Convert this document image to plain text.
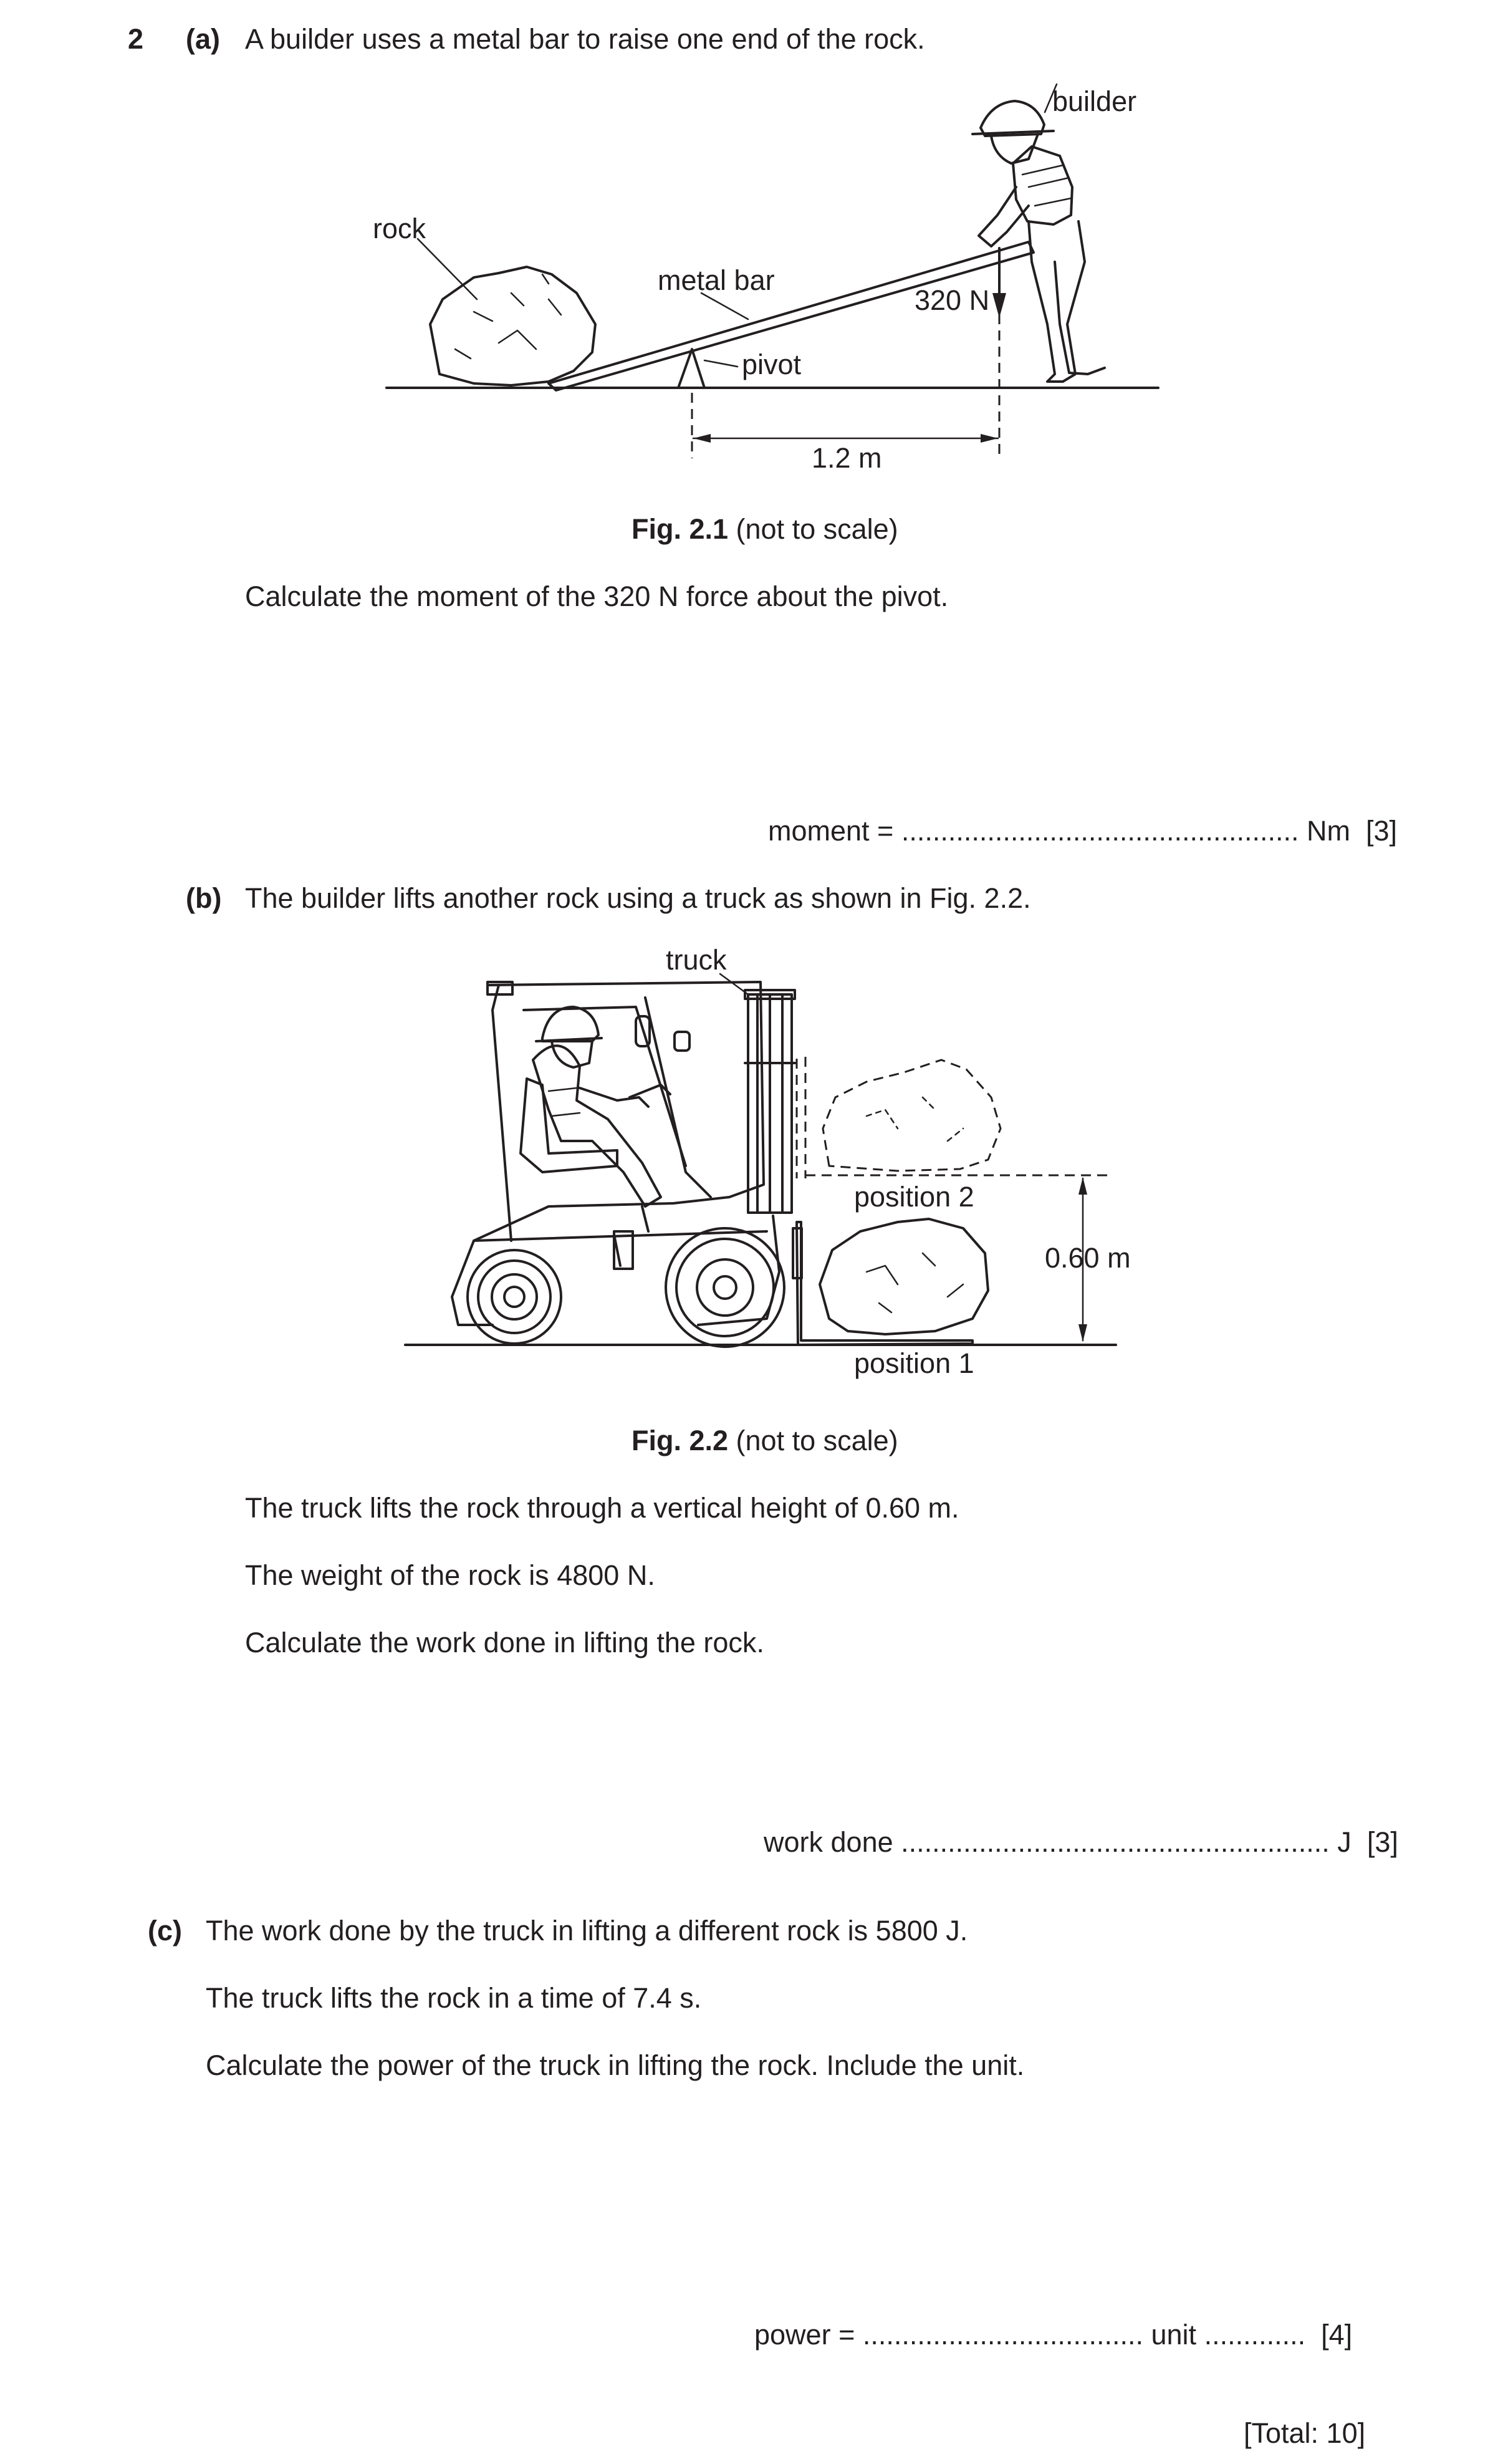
2 (a) A builder uses a metal bar to raise one end of the rock.
builder
rock
metal bar
320 N
pivot
1.2 m
Fig. 2.1 (not to scale)
Calculate the moment of the 320 N force about the pivot.
moment = ................................................... Nm [3]
(b) The builder lifts another rock using a truck as shown in Fig. 2.2.
truck
position 2
position 1
0.60 m
Fig. 2.2 (not to scale)
The truck lifts the rock through a vertical height of 0.60 m.
The weight of the rock is 4800 N.
Calculate the work done in lifting the rock.
work done ....................................................... J [3]
(c) The work done by the truck in lifting a different rock is 5800 J.
The truck lifts the rock in a time of 7.4 s.
Calculate the power of the truck in lifting the rock. Include the unit.
power = .................................... unit ............. [4]
[Total: 10]
